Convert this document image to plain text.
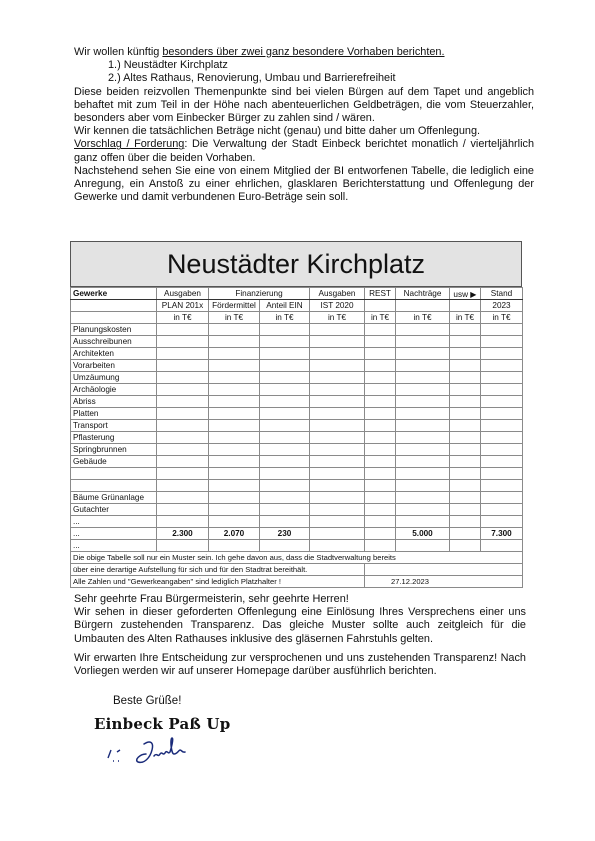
Wir wollen künftig besonders über zwei ganz besondere Vorhaben berichten.

1.) Neustädter Kirchplatz

2.) Altes Rathaus, Renovierung, Umbau und Barrierefreiheit

Diese beiden reizvollen Themenpunkte sind bei vielen Bürgen auf dem Tapet und angeblich behaftet mit zum Teil in der Höhe nach abenteuerlichen Geldbeträgen, die vom Steuerzahler, besonders aber vom Einbecker Bürger zu zahlen sind / wären.

Wir kennen die tatsächlichen Beträge nicht (genau) und bitte daher um Offenlegung.

Vorschlag / Forderung: Die Verwaltung der Stadt Einbeck berichtet monatlich / vierteljährlich ganz offen über die beiden Vorhaben.

Nachstehend sehen Sie eine von einem Mitglied der BI entworfenen Tabelle, die lediglich eine Anregung, ein Anstoß zu einer ehrlichen, glasklaren Berichterstattung und Offenlegung der Gewerke und damit verbundenen Euro-Beträge sein soll.

Neustädter Kirchplatz
Gewerke	Ausgaben	Finanzierung		Ausgaben	REST	Nachträge	usw ▶	Stand
	PLAN 201x	Fördermittel	Anteil EIN	IST 2020				2023
	in T€	in T€	in T€	in T€	in T€	in T€	in T€	in T€
Planungskosten								
Ausschreibunen								
Architekten								
Vorarbeiten								
Umzäumung								
Archäologie								
Abriss								
Platten								
Transport								
Pflasterung								
Springbrunnen								
Gebäude								

Bäume Grünanlage								
Gutachter								
...								
...	2.300	2.070	230			5.000		7.300
...								
Die obige Tabelle soll nur ein Muster sein. Ich gehe davon aus, dass die Stadtverwaltung bereits								
über eine derartige Aufstellung für sich und für den Stadtrat bereithält.								
Alle Zahlen und "Gewerkeangaben" sind lediglich Platzhalter !					27.12.2023			

Sehr geehrte Frau Bürgermeisterin, sehr geehrte Herren!

Wir sehen in dieser geforderten Offenlegung eine Einlösung Ihres Versprechens einer uns Bürgern zustehenden Transparenz. Das gleiche Muster sollte auch zeitgleich für die Umbauten des Alten Rathauses inklusive des gläsernen Fahrstuhls gelten.

Wir erwarten Ihre Entscheidung zur versprochenen und uns zustehenden Transparenz! Nach Vorliegen werden wir auf unserer Homepage darüber ausführlich berichten.

Beste Grüße!
Einbeck Paß Up
